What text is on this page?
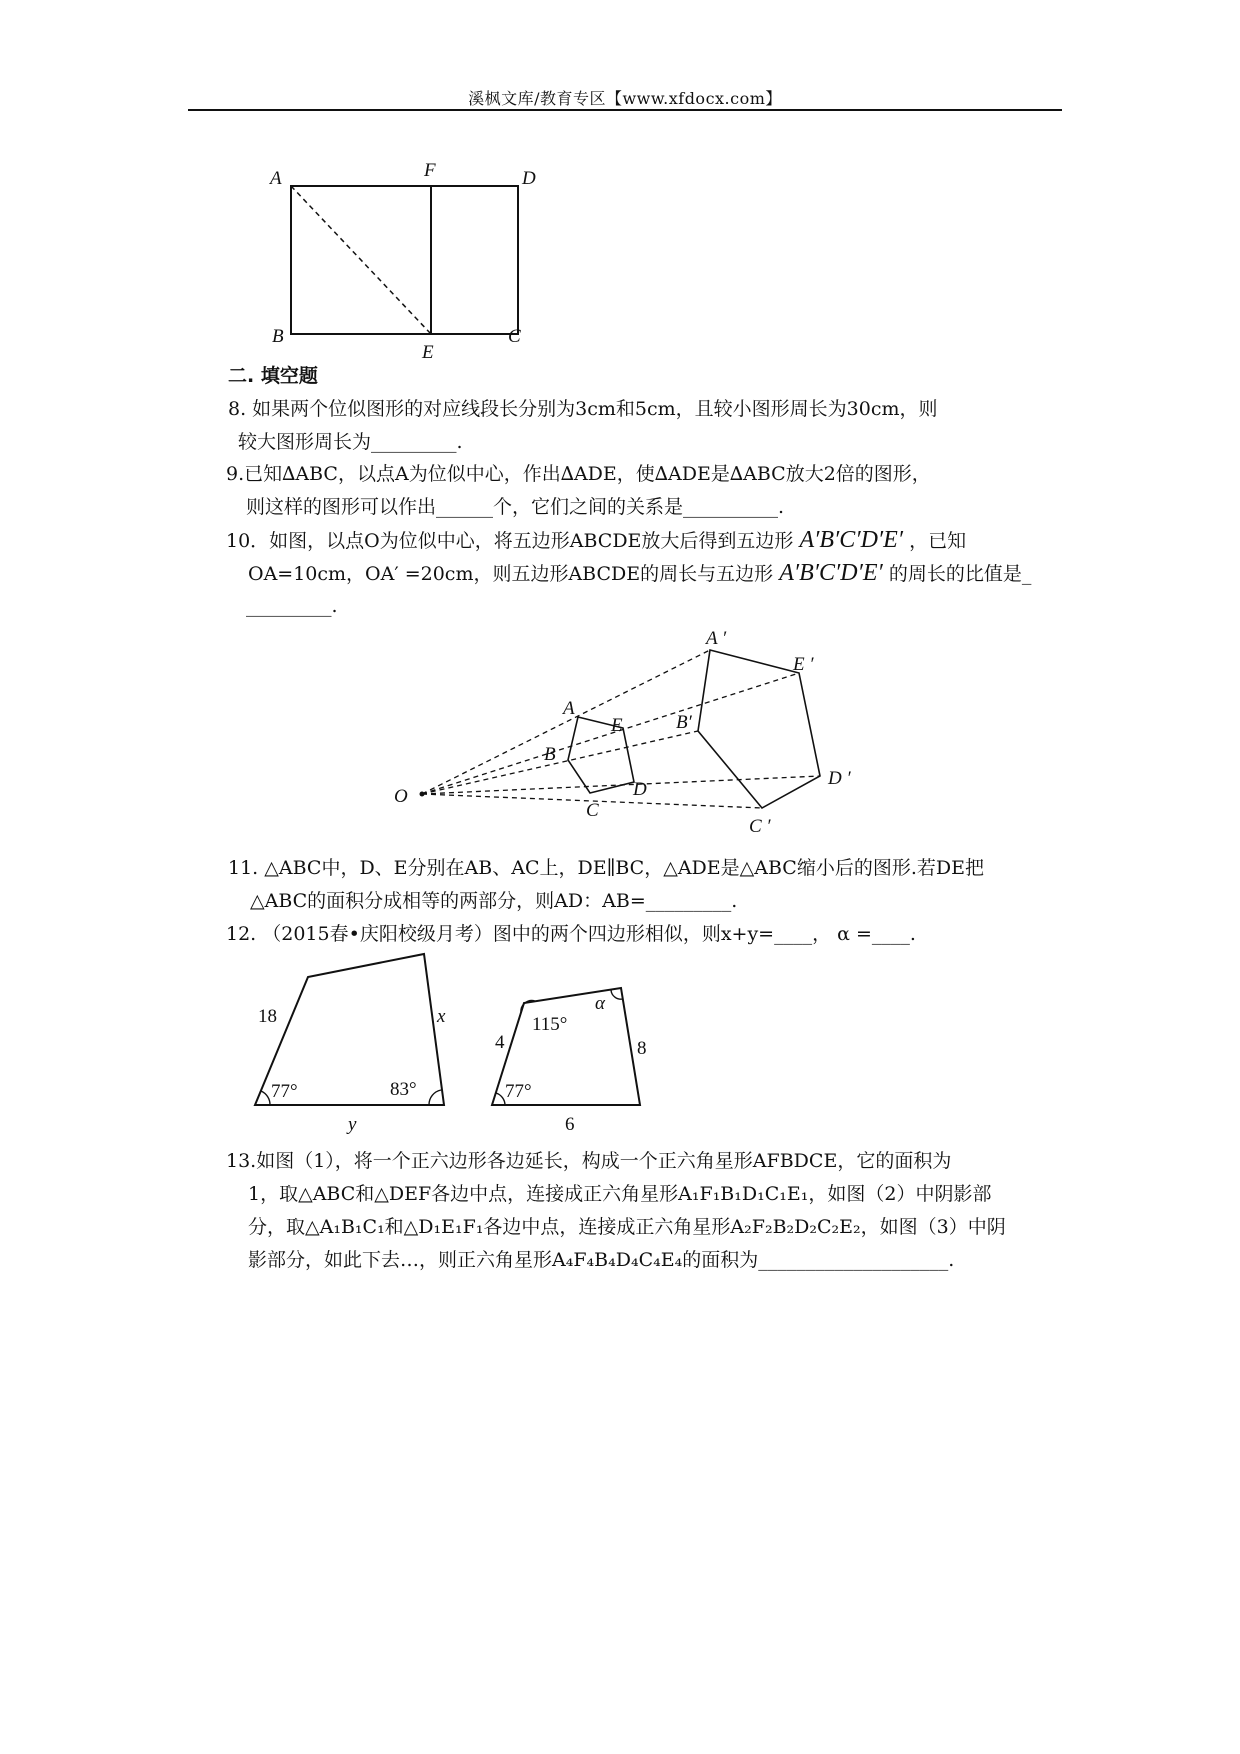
溪枫文库/教育专区【www.xfdocx.com】
A	F	D
B
E
C
二. 填空题
8. 如果两个位似图形的对应线段长分别为3cm和5cm，且较小图形周长为30cm，则
较大图形周长为_________.
9.已知∆ABC，以点A为位似中心，作出∆ADE，使∆ADE是∆ABC放大2倍的图形，
则这样的图形可以作出______个，它们之间的关系是__________.
10．如图，以点O为位似中心，将五边形ABCDE放大后得到五边形 A′B′C′D′E′ ，已知
OA=10cm，OA′ =20cm，则五边形ABCDE的周长与五边形 A′B′C′D′E′ 的周长的比值是_
_________.
O
A
E
B
D
C
A ′
E ′
B′
D ′
C ′
11. △ABC中，D、E分别在AB、AC上，DE∥BC，△ADE是△ABC缩小后的图形.若DE把
△ABC的面积分成相等的两部分，则AD：AB=_________.
12. （2015春•庆阳校级月考）图中的两个四边形相似，则x+y=____， α =____.
18	x
y
77°	83°
4	8
6
115°
77°
α
13.如图（1），将一个正六边形各边延长，构成一个正六角星形AFBDCE，它的面积为
1，取△ABC和△DEF各边中点，连接成正六角星形A₁F₁B₁D₁C₁E₁，如图（2）中阴影部
分，取△A₁B₁C₁和△D₁E₁F₁各边中点，连接成正六角星形A₂F₂B₂D₂C₂E₂，如图（3）中阴
影部分，如此下去…，则正六角星形A₄F₄B₄D₄C₄E₄的面积为____________________.
